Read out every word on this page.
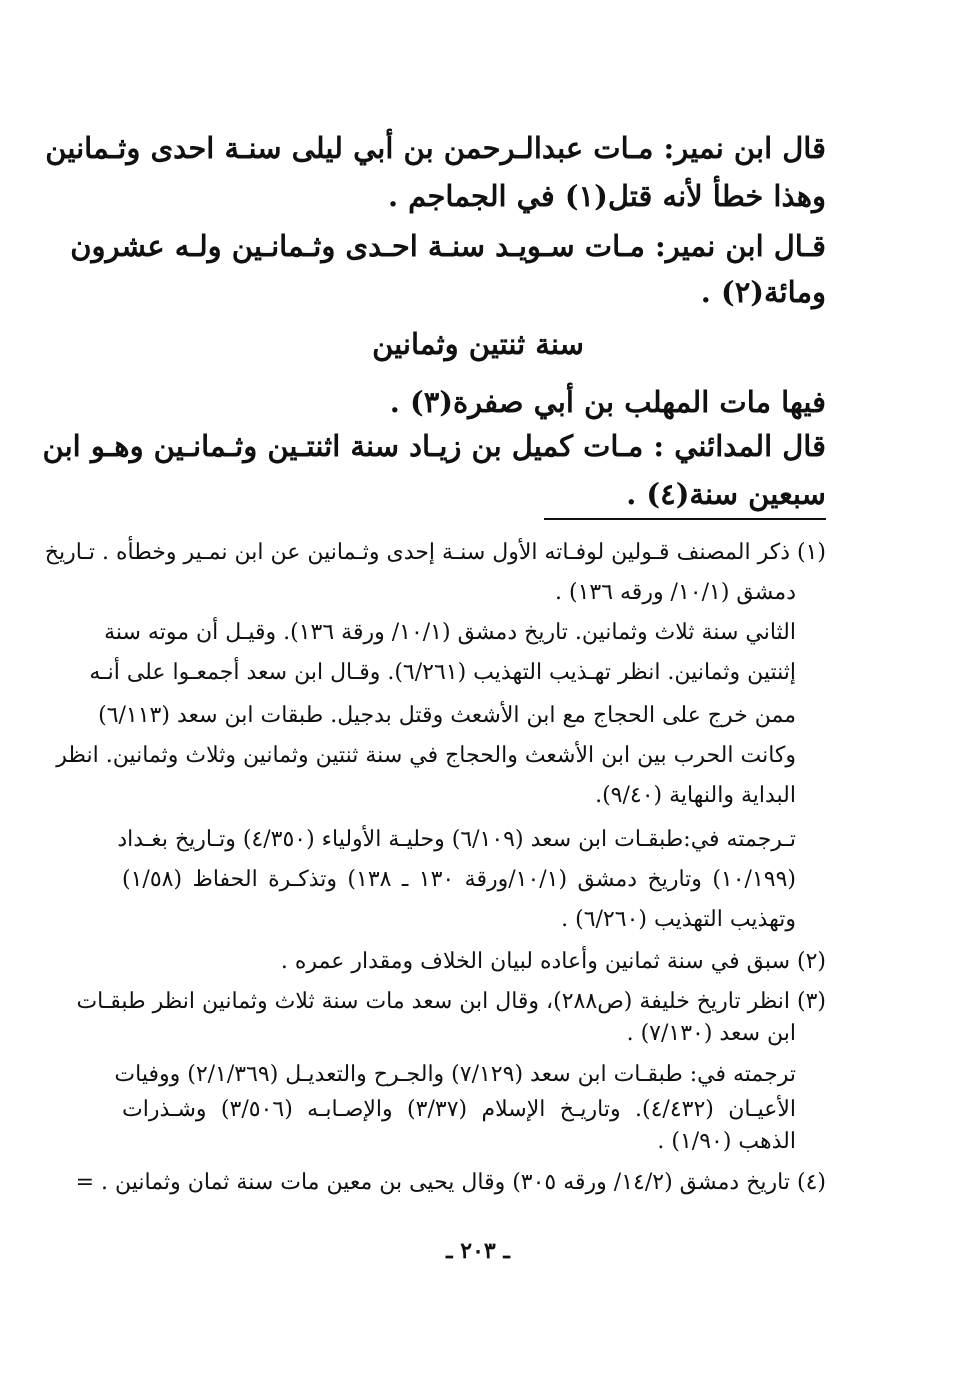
قال ابن نمير: مـات عبدالـرحمن بن أبي ليلى سنـة احدى وثـمانين
وهذا خطأ لأنه قتل(١) في الجماجم .
قـال ابن نمير: مـات سـويـد سنـة احـدى وثـمانـين ولـه عشرون
ومائة(٢) .
سنة ثنتين وثمانين
فيها مات المهلب بن أبي صفرة(٣) .
قال المدائني : مـات كميل بن زيـاد سنة اثنتـين وثـمانـين وهـو ابن
سبعين سنة(٤) .
(١) ذكر المصنف قـولين لوفـاته الأول سنـة إحدى وثـمانين عن ابن نمـير وخطأه . تـاريخ
دمشق (١٠/١/ ورقه ١٣٦) .
الثاني سنة ثلاث وثمانين. تاريخ دمشق (١٠/١/ ورقة ١٣٦). وقيـل أن موته سنة
إثنتين وثمانين. انظر تهـذيب التهذيب (٦/٢٦١). وقـال ابن سعد أجمعـوا على أنـه
ممن خرج على الحجاج مع ابن الأشعث وقتل بدجيل. طبقات ابن سعد (٦/١١٣)
وكانت الحرب بين ابن الأشعث والحجاج في سنة ثنتين وثمانين وثلاث وثمانين. انظر
البداية والنهاية (٩/٤٠).
تـرجمته في:طبقـات ابن سعد (٦/١٠٩) وحليـة الأولياء (٤/٣٥٠) وتـاريخ بغـداد
(١٠/١٩٩) وتاريخ دمشق (١٠/١/ورقة ١٣٠ ـ ١٣٨) وتذكـرة الحفاظ (١/٥٨)
وتهذيب التهذيب (٦/٢٦٠) .
(٢) سبق في سنة ثمانين وأعاده لبيان الخلاف ومقدار عمره .
(٣) انظر تاريخ خليفة (ص٢٨٨)، وقال ابن سعد مات سنة ثلاث وثمانين انظر طبقـات
ابن سعد (٧/١٣٠) .
ترجمته في: طبقـات ابن سعد (٧/١٢٩) والجـرح والتعديـل (٢/١/٣٦٩) ووفيات
الأعيـان (٤/٤٣٢). وتاريـخ الإسلام (٣/٣٧) والإصـابـه (٣/٥٠٦) وشـذرات
الذهب (١/٩٠) .
(٤) تاريخ دمشق (١٤/٢/ ورقه ٣٠٥) وقال يحيى بن معين مات سنة ثمان وثمانين . =
ـ ٢٠٣ ـ
